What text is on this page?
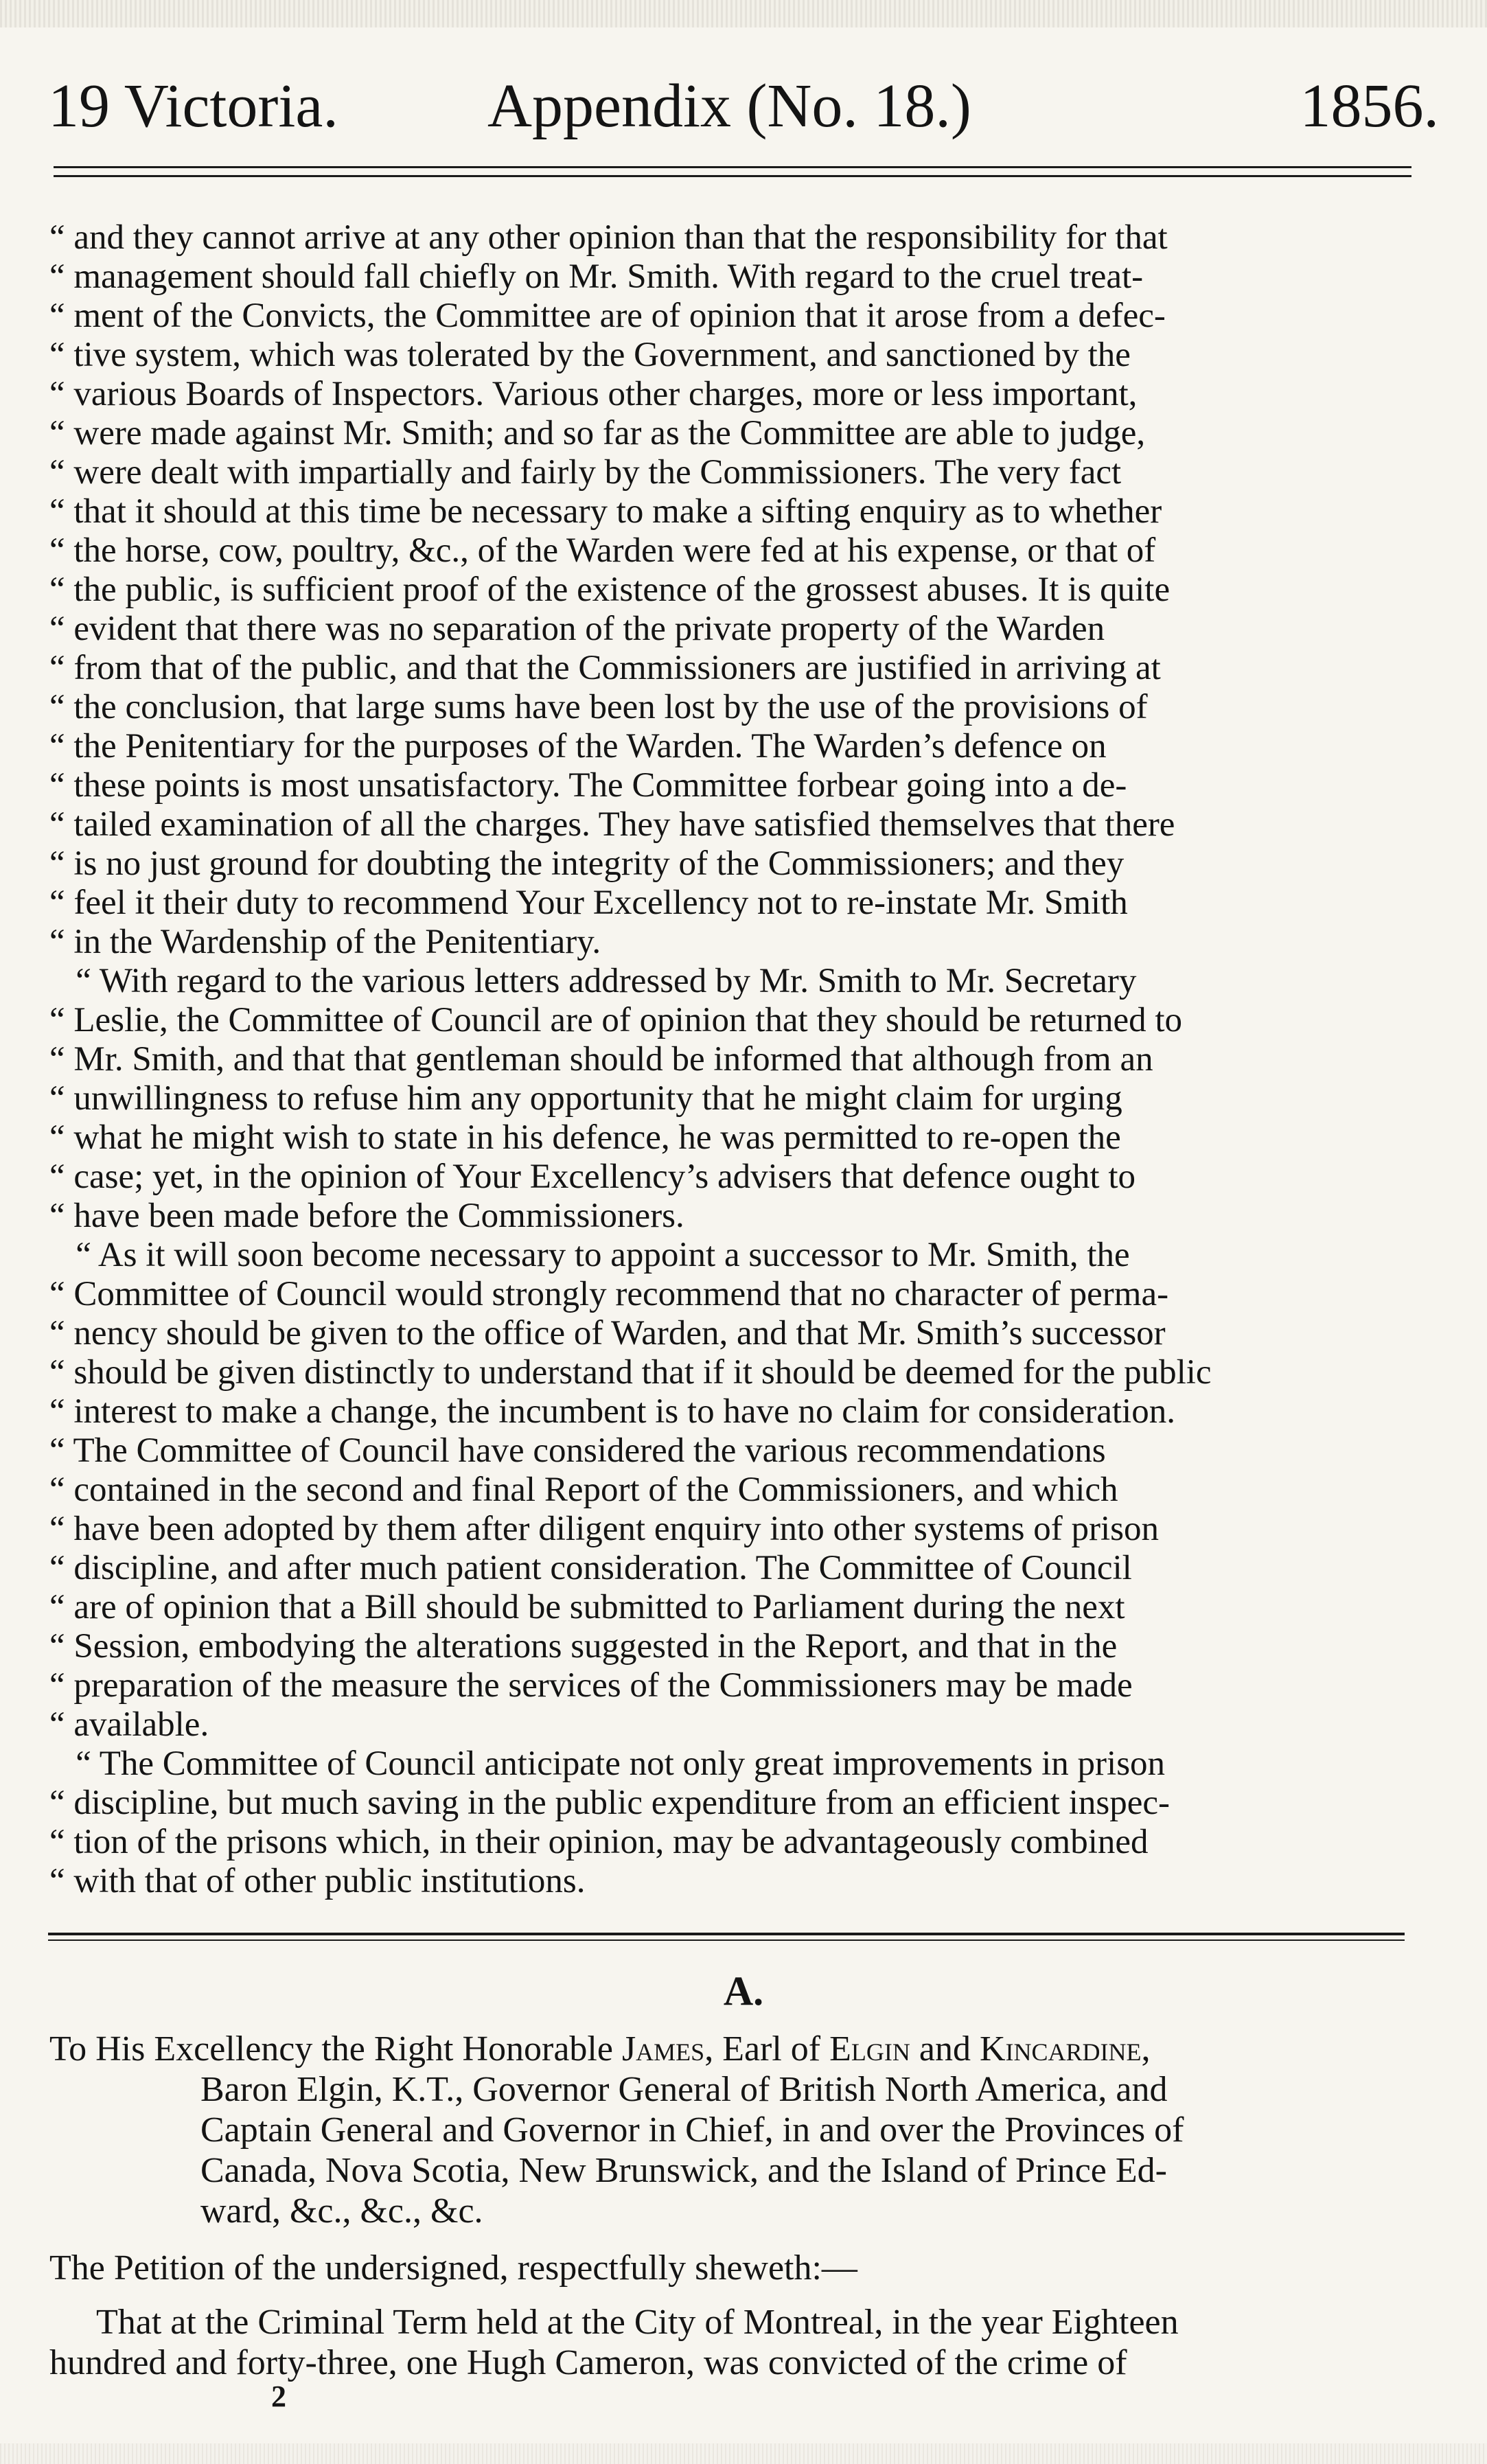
19 Victoria. Appendix (No. 18.)	1856.

“ and they cannot arrive at any other opinion than that the responsibility for that

“ management should fall chiefly on Mr. Smith. With regard to the cruel treat-

“ ment of the Convicts, the Committee are of opinion that it arose from a defec-

“ tive system, which was tolerated by the Government, and sanctioned by the

“ various Boards of Inspectors. Various other charges, more or less important,

“ were made against Mr. Smith; and so far as the Committee are able to judge,

“ were dealt with impartially and fairly by the Commissioners. The very fact

“ that it should at this time be necessary to make a sifting enquiry as to whether

“ the horse, cow, poultry, &c., of the Warden were fed at his expense, or that of

“ the public, is sufficient proof of the existence of the grossest abuses. It is quite

“ evident that there was no separation of the private property of the Warden

“ from that of the public, and that the Commissioners are justified in arriving at

“ the conclusion, that large sums have been lost by the use of the provisions of

“ the Penitentiary for the purposes of the Warden. The Warden’s defence on

“ these points is most unsatisfactory. The Committee forbear going into a de-

“ tailed examination of all the charges. They have satisfied themselves that there

“ is no just ground for doubting the integrity of the Commissioners; and they

“ feel it their duty to recommend Your Excellency not to re-instate Mr. Smith

“ in the Wardenship of the Penitentiary.

“ With regard to the various letters addressed by Mr. Smith to Mr. Secretary

“ Leslie, the Committee of Council are of opinion that they should be returned to

“ Mr. Smith, and that that gentleman should be informed that although from an

“ unwillingness to refuse him any opportunity that he might claim for urging

“ what he might wish to state in his defence, he was permitted to re-open the

“ case; yet, in the opinion of Your Excellency’s advisers that defence ought to

“ have been made before the Commissioners.

“ As it will soon become necessary to appoint a successor to Mr. Smith, the

“ Committee of Council would strongly recommend that no character of perma-

“ nency should be given to the office of Warden, and that Mr. Smith’s successor

“ should be given distinctly to understand that if it should be deemed for the public

“ interest to make a change, the incumbent is to have no claim for consideration.

“ The Committee of Council have considered the various recommendations

“ contained in the second and final Report of the Commissioners, and which

“ have been adopted by them after diligent enquiry into other systems of prison

“ discipline, and after much patient consideration. The Committee of Council

“ are of opinion that a Bill should be submitted to Parliament during the next

“ Session, embodying the alterations suggested in the Report, and that in the

“ preparation of the measure the services of the Commissioners may be made

“ available.

“ The Committee of Council anticipate not only great improvements in prison

“ discipline, but much saving in the public expenditure from an efficient inspec-

“ tion of the prisons which, in their opinion, may be advantageously combined

“ with that of other public institutions.

A.

To His Excellency the Right Honorable James, Earl of Elgin and Kincardine,

Baron Elgin, K.T., Governor General of British North America, and

Captain General and Governor in Chief, in and over the Provinces of

Canada, Nova Scotia, New Brunswick, and the Island of Prince Ed-

ward, &c., &c., &c.

The Petition of the undersigned, respectfully sheweth:—

That at the Criminal Term held at the City of Montreal, in the year Eighteen

hundred and forty-three, one Hugh Cameron, was convicted of the crime of

2
